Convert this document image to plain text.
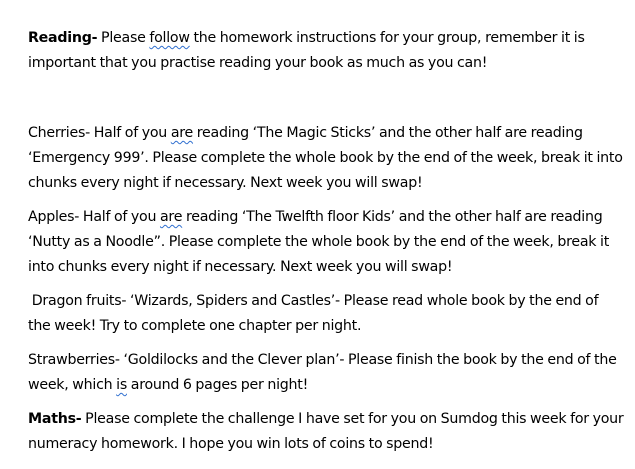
Reading- Please follow the homework instructions for your group, remember it is
important that you practise reading your book as much as you can!

Cherries- Half of you are reading ‘The Magic Sticks’ and the other half are reading
‘Emergency 999’. Please complete the whole book by the end of the week, break it into
chunks every night if necessary. Next week you will swap!

Apples- Half of you are reading ‘The Twelfth floor Kids’ and the other half are reading
‘Nutty as a Noodle”. Please complete the whole book by the end of the week, break it
into chunks every night if necessary. Next week you will swap!

Dragon fruits- ‘Wizards, Spiders and Castles’- Please read whole book by the end of
the week! Try to complete one chapter per night.

Strawberries- ‘Goldilocks and the Clever plan’- Please finish the book by the end of the
week, which is around 6 pages per night!

Maths- Please complete the challenge I have set for you on Sumdog this week for your
numeracy homework. I hope you win lots of coins to spend!
